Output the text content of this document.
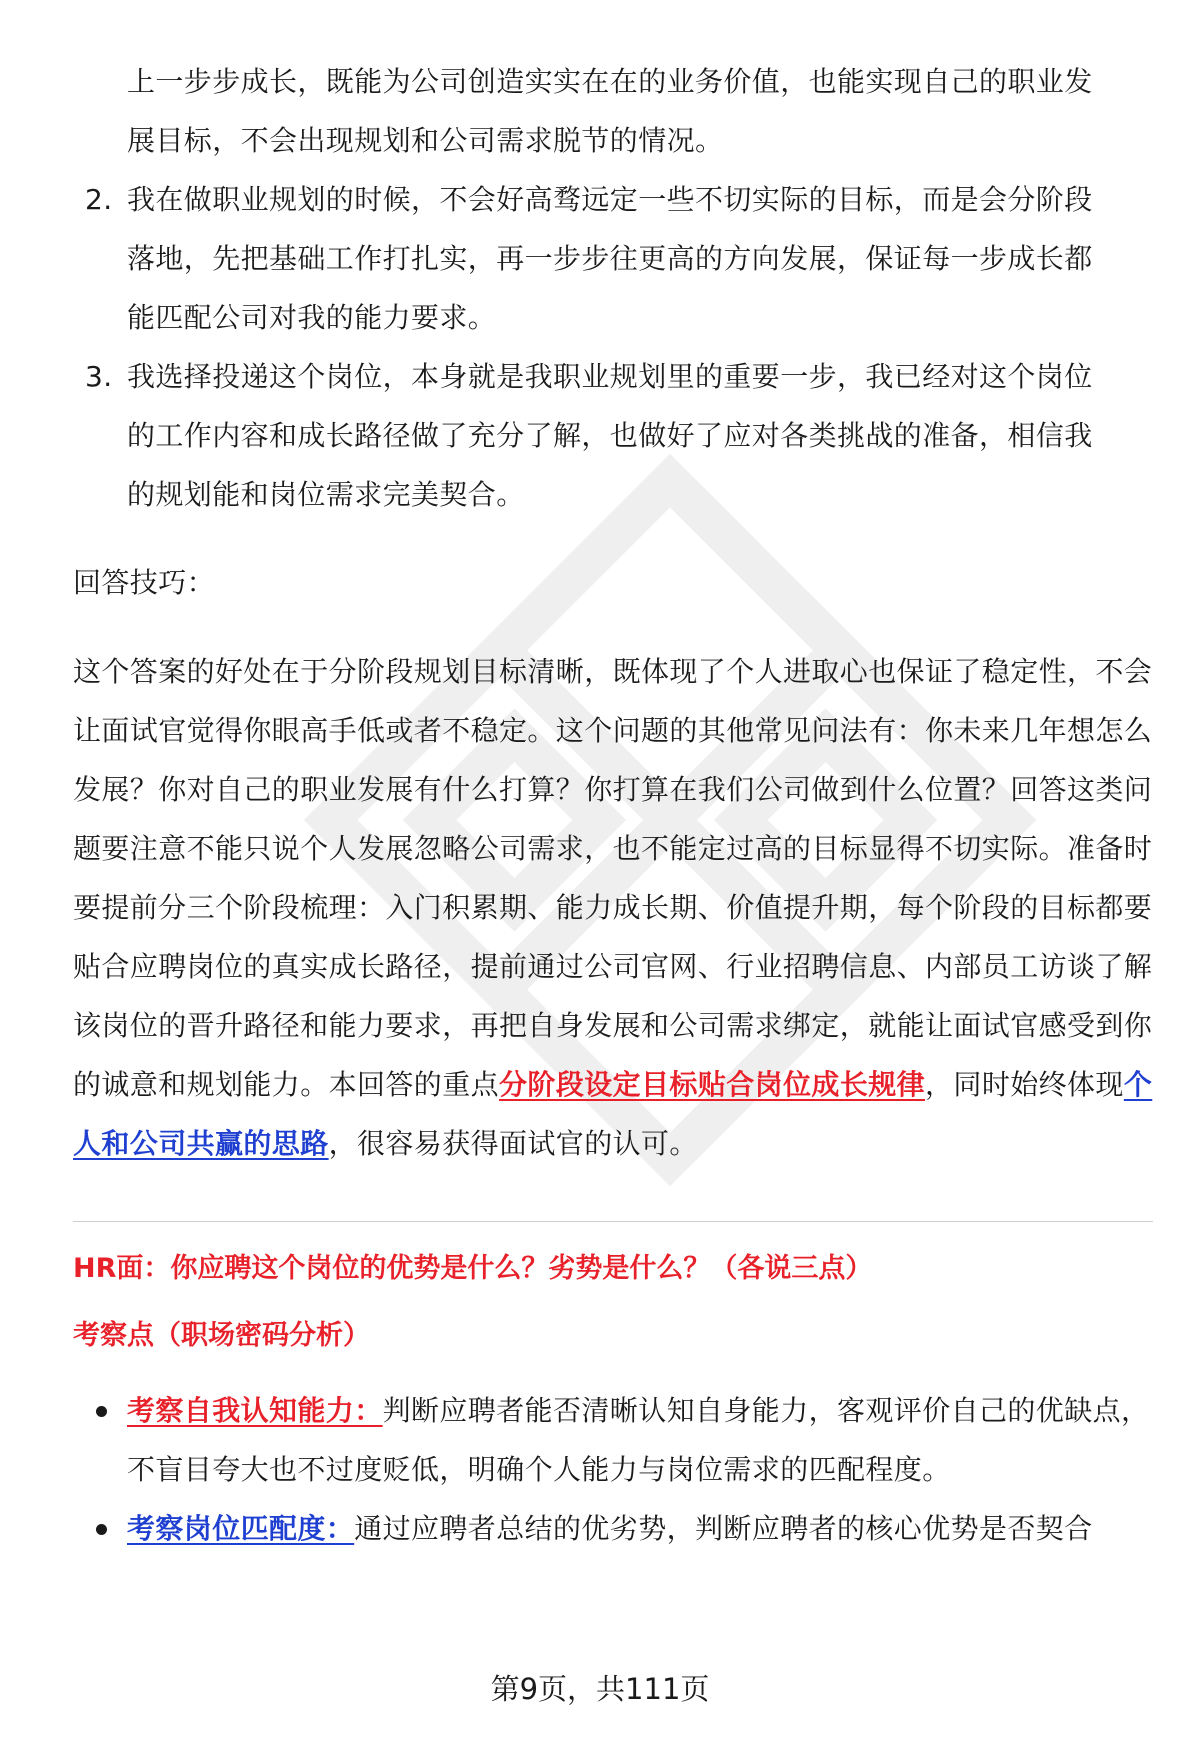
上一步步成长，既能为公司创造实实在在的业务价值，也能实现自己的职业发
展目标，不会出现规划和公司需求脱节的情况。
2. 我在做职业规划的时候，不会好高骛远定一些不切实际的目标，而是会分阶段
落地，先把基础工作打扎实，再一步步往更高的方向发展，保证每一步成长都
能匹配公司对我的能力要求。
3. 我选择投递这个岗位，本身就是我职业规划里的重要一步，我已经对这个岗位
的工作内容和成长路径做了充分了解，也做好了应对各类挑战的准备，相信我
的规划能和岗位需求完美契合。

回答技巧：

这个答案的好处在于分阶段规划目标清晰，既体现了个人进取心也保证了稳定性，不会让面试官觉得你眼高手低或者不稳定。这个问题的其他常见问法有：你未来几年想怎么发展？你对自己的职业发展有什么打算？你打算在我们公司做到什么位置？回答这类问题要注意不能只说个人发展忽略公司需求，也不能定过高的目标显得不切实际。准备时要提前分三个阶段梳理：入门积累期、能力成长期、价值提升期，每个阶段的目标都要贴合应聘岗位的真实成长路径，提前通过公司官网、行业招聘信息、内部员工访谈了解该岗位的晋升路径和能力要求，再把自身发展和公司需求绑定，就能让面试官感受到你的诚意和规划能力。本回答的重点分阶段设定目标贴合岗位成长规律，同时始终体现个人和公司共赢的思路，很容易获得面试官的认可。

HR面：你应聘这个岗位的优势是什么？劣势是什么？（各说三点）

考察点（职场密码分析）

考察自我认知能力：判断应聘者能否清晰认知自身能力，客观评价自己的优缺点，不盲目夸大也不过度贬低，明确个人能力与岗位需求的匹配程度。
考察岗位匹配度：通过应聘者总结的优劣势，判断应聘者的核心优势是否契合
第9页，共111页
